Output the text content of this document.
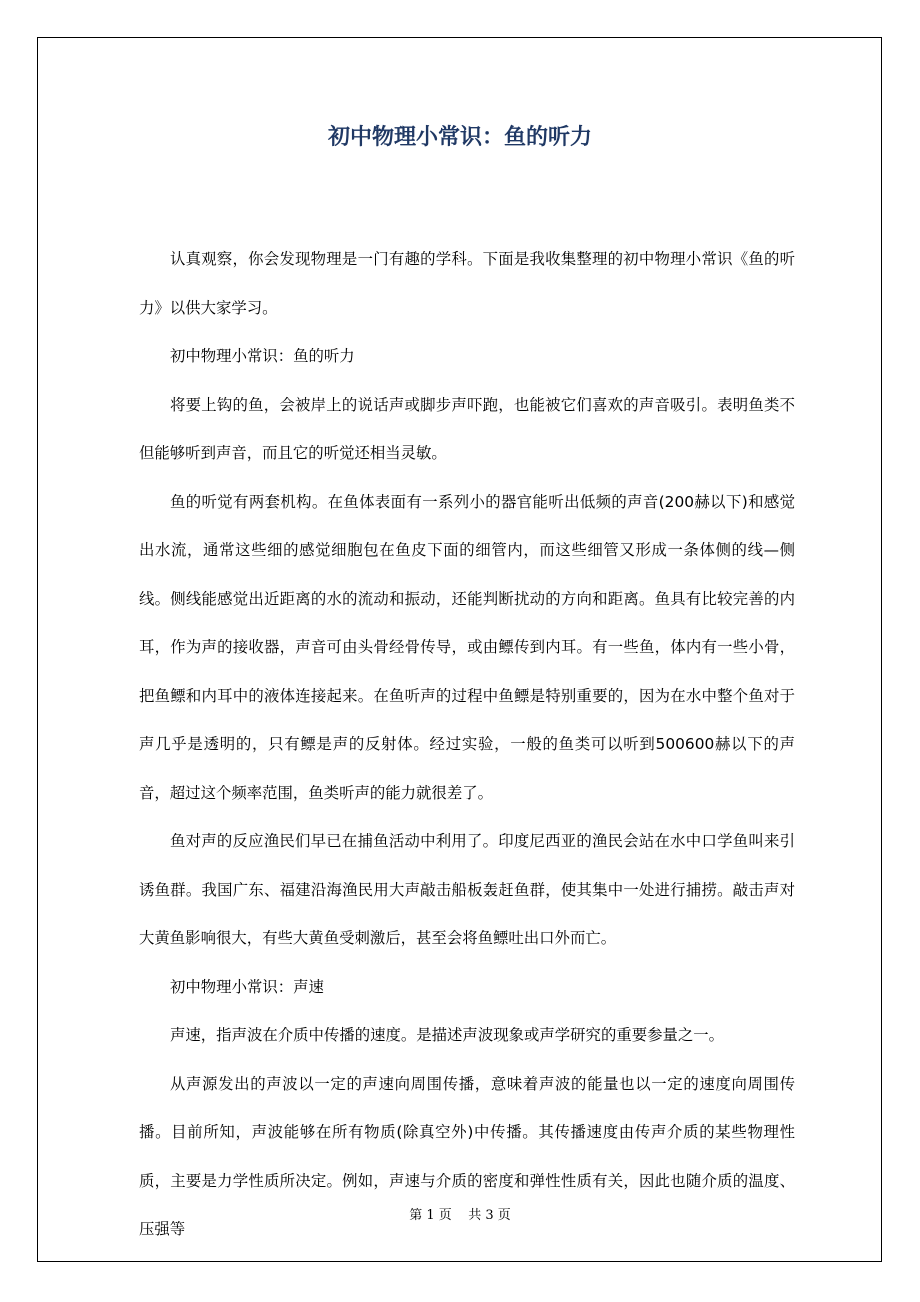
初中物理小常识：鱼的听力

认真观察，你会发现物理是一门有趣的学科。下面是我收集整理的初中物理小常识《鱼的听力》以供大家学习。

初中物理小常识：鱼的听力

将要上钩的鱼，会被岸上的说话声或脚步声吓跑，也能被它们喜欢的声音吸引。表明鱼类不但能够听到声音，而且它的听觉还相当灵敏。

鱼的听觉有两套机构。在鱼体表面有一系列小的器官能听出低频的声音(200赫以下)和感觉出水流，通常这些细的感觉细胞包在鱼皮下面的细管内，而这些细管又形成一条体侧的线—侧线。侧线能感觉出近距离的水的流动和振动，还能判断扰动的方向和距离。鱼具有比较完善的内耳，作为声的接收器，声音可由头骨经骨传导，或由鳔传到内耳。有一些鱼，体内有一些小骨，把鱼鳔和内耳中的液体连接起来。在鱼听声的过程中鱼鳔是特别重要的，因为在水中整个鱼对于声几乎是透明的，只有鳔是声的反射体。经过实验，一般的鱼类可以听到500600赫以下的声音，超过这个频率范围，鱼类听声的能力就很差了。

鱼对声的反应渔民们早已在捕鱼活动中利用了。印度尼西亚的渔民会站在水中口学鱼叫来引诱鱼群。我国广东、福建沿海渔民用大声敲击船板轰赶鱼群，使其集中一处进行捕捞。敲击声对大黄鱼影响很大，有些大黄鱼受刺激后，甚至会将鱼鳔吐出口外而亡。

初中物理小常识：声速

声速，指声波在介质中传播的速度。是描述声波现象或声学研究的重要参量之一。

从声源发出的声波以一定的声速向周围传播，意味着声波的能量也以一定的速度向周围传播。目前所知，声波能够在所有物质(除真空外)中传播。其传播速度由传声介质的某些物理性质，主要是力学性质所决定。例如，声速与介质的密度和弹性性质有关，因此也随介质的温度、压强等

第 1 页    共 3 页
